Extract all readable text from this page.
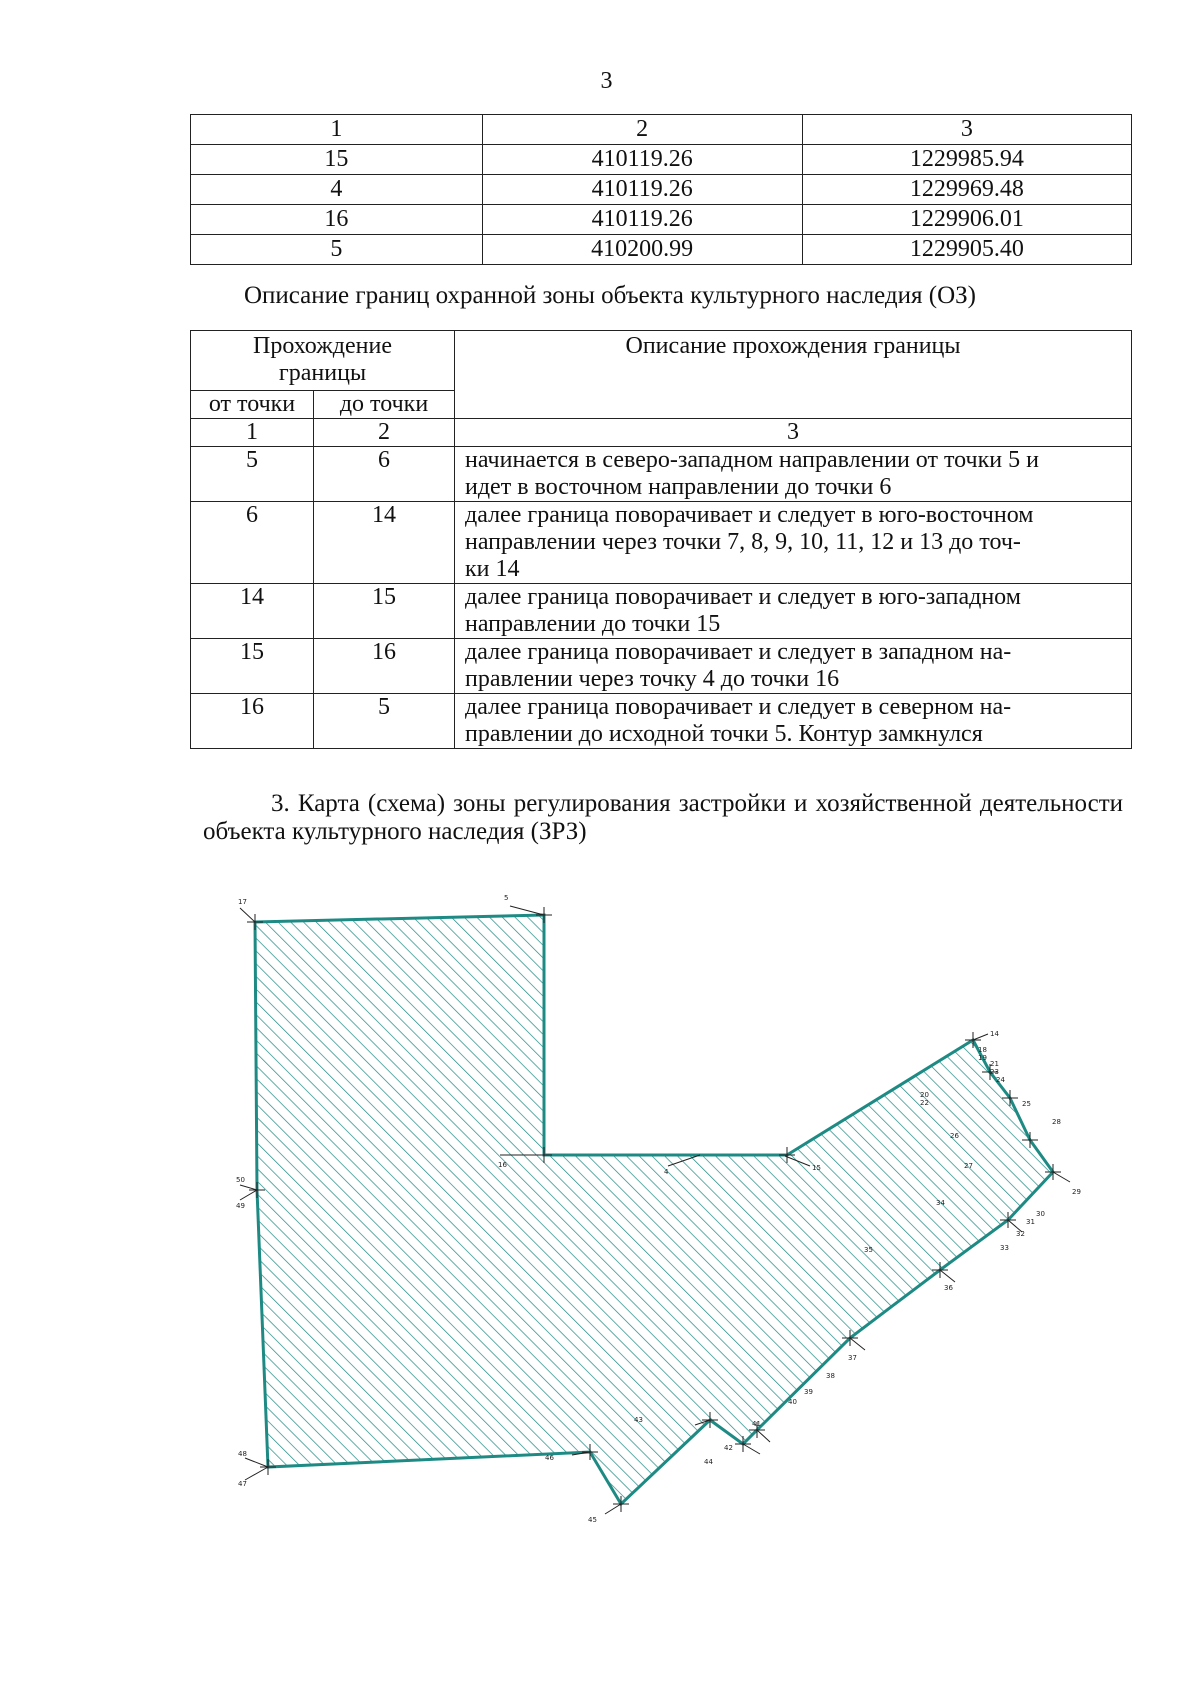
3
1	2	3
15	410119.26	1229985.94
4	410119.26	1229969.48
16	410119.26	1229906.01
5	410200.99	1229905.40
Описание границ охранной зоны объекта культурного наследия (ОЗ)
Прохождение границы		Описание прохождения границы
от точки	до точки	
1	2	3
5	6	начинается в северо-западном направлении от точки 5 и
идет в восточном направлении до точки 6

6	14	далее граница поворачивает и следует в юго-восточном
направлении через точки 7, 8, 9, 10, 11, 12 и 13 до точ-
ки 14

14	15	далее граница поворачивает и следует в юго-западном
направлении до точки 15

15	16	далее граница поворачивает и следует в западном на-
правлении через точку 4 до точки 16

16	5	далее граница поворачивает и следует в северном на-
правлении до исходной точки 5. Контур замкнулся
3. Карта (схема) зоны регулирования застройки и хозяйственной деятельности объекта культурного наследия (ЗРЗ)
17	5
50
49
16
4	15
14
18
19
21
23
24
20
22	25
26
28
27
29
34
30
31
32
33
35
36
37
38
39
40
41
42
43
44
46
45
48
47
